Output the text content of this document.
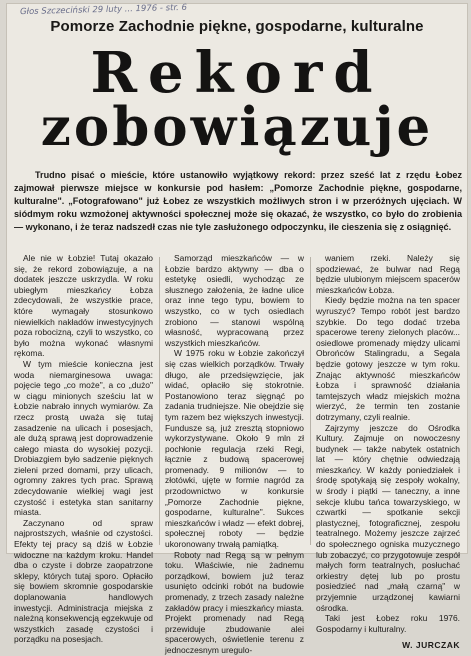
Głos Szczeciński 29 luty ... 1976 - str. 6
Pomorze Zachodnie piękne, gospodarne, kulturalne
Rekord
zobowiązuje

Trudno pisać o mieście, które ustanowiło wyjątkowy rekord: przez sześć lat z rzędu Łobez zajmował pierwsze miejsce w konkursie pod hasłem: „Pomorze Zachodnie piękne, gospodarne, kulturalne". „Fotografowano" już Łobez ze wszystkich możliwych stron i w przeróżnych ujęciach. W siódmym roku wzmożonej aktywności społecznej może się okazać, że wszystko, co było do zrobienia — wykonano, i że teraz nadszedł czas nie tyle zasłużonego odpoczynku, ile cieszenia się z osiągnięć.

Ale nie w Łobzie! Tutaj okazało się, że rekord zobowiązuje, a na dodatek jeszcze uskrzydla. W roku ubiegłym mieszkańcy Łobza zdecydowali, że wszystkie prace, które wymagały stosunkowo niewielkich nakładów inwestycyjnych poza robocizną, czyli to wszystko, co było można wykonać własnymi rękoma.

W tym mieście konieczna jest woda niemarginesowa uwaga: pojęcie tego „co może", a co „dużo" w ciągu minionych sześciu lat w Łobzie nabrało innych wymiarów. Za rzecz prostą uważa się tutaj zasadzenie na ulicach i posesjach, ale dużą sprawą jest doprowadzenie całego miasta do wysokiej pozycji. Drobiazgiem było sadzenie pięknych zieleni przed domami, przy ulicach, ogromny zakres tych prac. Sprawą zdecydowanie wielkiej wagi jest czystość i estetyka stan sanitarny miasta.

Zaczynano od spraw najprostszych, właśnie od czystości. Efekty tej pracy są dziś w Łobzie widoczne na każdym kroku. Handel dba o czyste i dobrze zaopatrzone sklepy, których tutaj sporo. Opłaciło się bowiem skromnie gospodarskie doplanowania handlowych inwestycji. Administracja miejska z należną konsekwencją egzekwuje od wszystkich zasadę czystości i porządku na posesjach.

Samorząd mieszkańców — w Łobzie bardzo aktywny — dba o estetykę osiedli, wychodząc ze słusznego założenia, że ładne ulice oraz inne tego typu, bowiem to wszystko, co w tych osiedlach zrobiono — stanowi wspólną własność, wypracowaną przez wszystkich mieszkańców.

W 1975 roku w Łobzie zakończył się czas wielkich porządków. Trwały długo, ale przedsięwzięcie, jak widać, opłaciło się stokrotnie. Postanowiono teraz sięgnąć po zadania trudniejsze. Nie obejdzie się tym razem bez większych inwestycji. Fundusze są, już zresztą stopniowo wykorzystywane. Około 9 mln zł pochłonie regulacja rzeki Regi, łącznie z budową spacerowej promenady. 9 milionów — to złotówki, ujęte w formie nagród za przodownictwo w konkursie „Pomorze Zachodnie piękne, gospodarne, kulturalne". Sukces mieszkańców i władz — efekt dobrej, społecznej roboty — będzie ukoronowany trwałą pamiątką.

Roboty nad Regą są w pełnym toku. Właściwie, nie żadnemu porządkowi, bowiem już teraz usunięto odcinki robót na budowie promenady, z trzech zasady należne zakładów pracy i mieszkańcy miasta. Projekt promenady nad Regą przewiduje zbudowanie alei spacerowych, oświetlenie terenu z jednoczesnym uregulo-

waniem rzeki. Należy się spodziewać, że bulwar nad Regą będzie ulubionym miejscem spacerów mieszkańców Łobza.

Kiedy będzie można na ten spacer wyruszyć? Tempo robót jest bardzo szybkie. Do tego dodać trzeba spacerowe tereny zielonych placów... osiedlowe promenady między ulicami Obrońców Stalingradu, a Segala będzie gotowy jeszcze w tym roku. Znając aktywność mieszkańców Łobza i sprawność działania tamtejszych władz miejskich można wierzyć, że termin ten zostanie dotrzymany, czyli realnie.

Zajrzymy jeszcze do Ośrodka Kultury. Zajmuje on nowoczesny budynek — także nabytek ostatnich lat — który chętnie odwiedzają mieszkańcy. W każdy poniedziałek i środę spotykają się zespoły wokalny, w środy i piątki — taneczny, a inne sekcje klubu tańca towarzyskiego, w czwartki — spotkanie sekcji plastycznej, fotograficznej, zespołu teatralnego. Możemy jeszcze zajrzeć do społecznego ogniska muzycznego lub zobaczyć, co przygotowuje zespół małych form teatralnych, posłuchać orkiestry dętej lub po prostu posiedzieć nad „małą czarną" w przyjemnie urządzonej kawiarni ośrodka.

Taki jest Łobez roku 1976. Gospodarny i kulturalny.

W. JURCZAK
